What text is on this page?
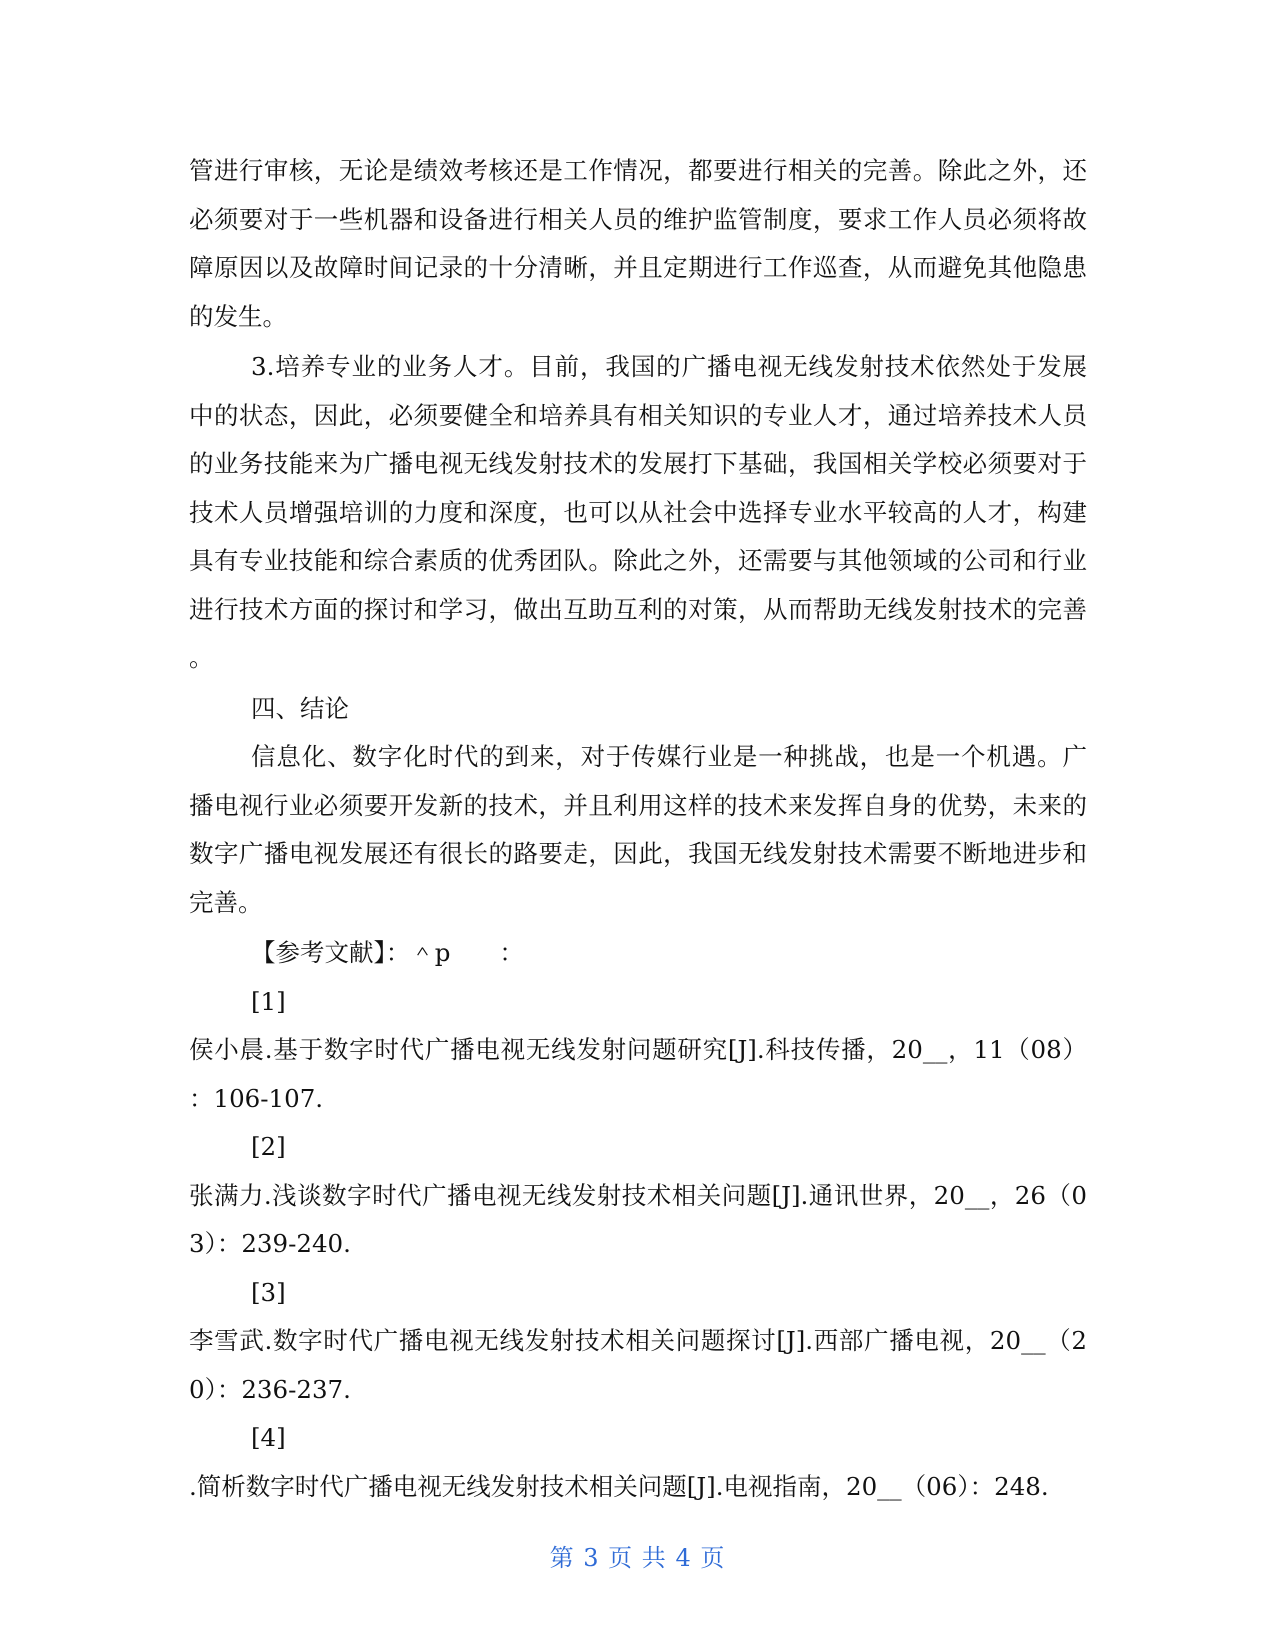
管进行审核，无论是绩效考核还是工作情况，都要进行相关的完善。除此之外，还
必须要对于一些机器和设备进行相关人员的维护监管制度，要求工作人员必须将故
障原因以及故障时间记录的十分清晰，并且定期进行工作巡查，从而避免其他隐患
的发生。
3.培养专业的业务人才。目前，我国的广播电视无线发射技术依然处于发展
中的状态，因此，必须要健全和培养具有相关知识的专业人才，通过培养技术人员
的业务技能来为广播电视无线发射技术的发展打下基础，我国相关学校必须要对于
技术人员增强培训的力度和深度，也可以从社会中选择专业水平较高的人才，构建
具有专业技能和综合素质的优秀团队。除此之外，还需要与其他领域的公司和行业
进行技术方面的探讨和学习，做出互助互利的对策，从而帮助无线发射技术的完善
。
四、结论
信息化、数字化时代的到来，对于传媒行业是一种挑战，也是一个机遇。广
播电视行业必须要开发新的技术，并且利用这样的技术来发挥自身的优势，未来的
数字广播电视发展还有很长的路要走，因此，我国无线发射技术需要不断地进步和
完善。
【参考文献】：＾p　　：
[1]
侯小晨.基于数字时代广播电视无线发射问题研究[J].科技传播，20__，11（08）
：106-107.
[2]
张满力.浅谈数字时代广播电视无线发射技术相关问题[J].通讯世界，20__，26（0
3）：239-240.
[3]
李雪武.数字时代广播电视无线发射技术相关问题探讨[J].西部广播电视，20__（2
0）：236-237.
[4]
.简析数字时代广播电视无线发射技术相关问题[J].电视指南，20__（06）：248.
第 3 页 共 4 页
